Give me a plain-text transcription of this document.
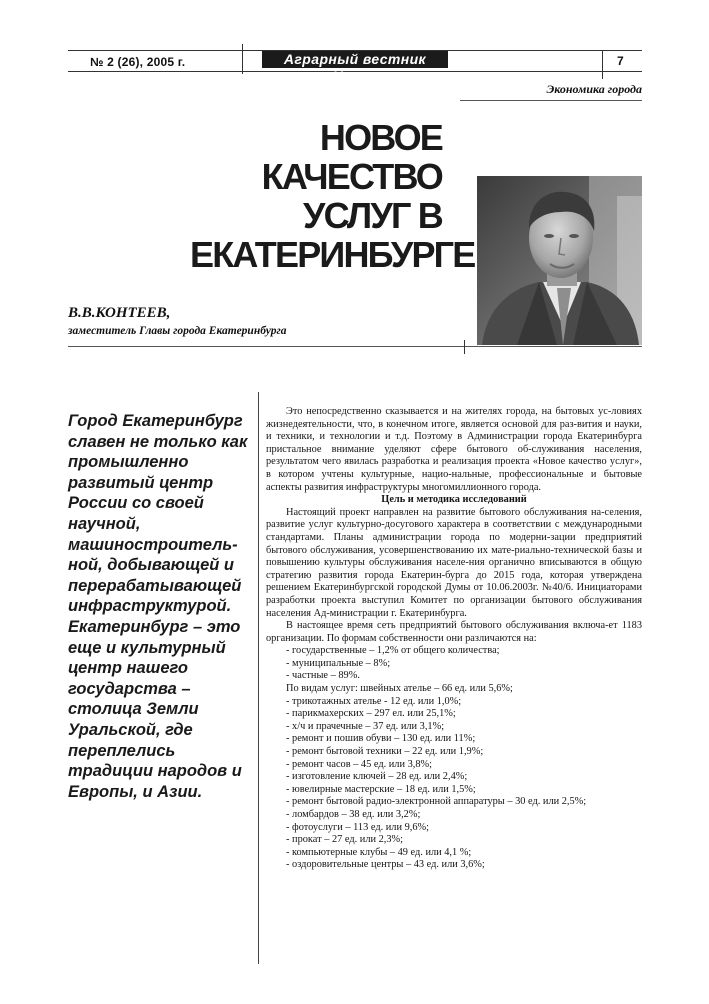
№ 2 (26), 2005 г.	Аграрный вестник Урала
7
Экономика города
НОВОЕ
КАЧЕСТВО
УСЛУГ В
ЕКАТЕРИНБУРГЕ
В.В.КОНТЕЕВ,
заместитель Главы города Екатеринбурга

Город Екатеринбург славен не только как промышленно развитый центр России со своей научной, машиностроитель-ной, добывающей и перерабатывающей инфраструктурой. Екатеринбург – это еще и культурный центр нашего государства – столица Земли Уральской, где переплелись традиции народов и Европы, и Азии.

Это непосредственно сказывается и на жителях города, на бытовых ус-ловиях жизнедеятельности, что, в конечном итоге, является основой для раз-вития и науки, и техники, и технологии и т.д. Поэтому в Администрации города Екатеринбурга пристальное внимание уделяют сфере бытового об-служивания населения, результатом чего явилась разработка и реализация проекта «Новое качество услуг», в котором учтены культурные, нацио-нальные, профессиональные и бытовые аспекты развития инфраструктуры многомиллионного города.

Цель и методика исследований

Настоящий проект направлен на развитие бытового обслуживания на-селения, развитие услуг культурно-досугового характера в соответствии с международными стандартами. Планы администрации города по модерни-зации предприятий бытового обслуживания, усовершенствованию их мате-риально-технической базы и повышению культуры обслуживания населе-ния органично вписываются в общую стратегию развития города Екатерин-бурга до 2015 года, которая утверждена решением Екатеринбургской городской Думы от 10.06.2003г. №40/6. Инициаторами разработки проекта выступил Комитет по организации бытового обслуживания населения Ад-министрации г. Екатеринбурга.

В настоящее время сеть предприятий бытового обслуживания включа-ет 1183 организации. По формам собственности они различаются на:

- государственные – 1,2% от общего количества;

- муниципальные – 8%;

- частные – 89%.

По видам услуг: швейных ателье – 66 ед. или 5,6%;

- трикотажных ателье - 12 ед. или 1,0%;

- парикмахерских – 297 ел. или 25,1%;

- х/ч и прачечные – 37 ед. или 3,1%;

- ремонт и пошив обуви – 130 ед. или 11%;

- ремонт бытовой техники – 22 ед. или 1,9%;

- ремонт часов – 45 ед. или 3,8%;

- изготовление ключей – 28 ед. или 2,4%;

- ювелирные мастерские – 18 ед. или 1,5%;

- ремонт бытовой радио-электронной аппаратуры – 30 ед. или 2,5%;

- ломбардов – 38 ед. или 3,2%;

- фотоуслуги – 113 ед. или 9,6%;

- прокат – 27 ед. или 2,3%;

- компьютерные клубы – 49 ед. или 4,1 %;

- оздоровительные центры – 43 ед. или 3,6%;
